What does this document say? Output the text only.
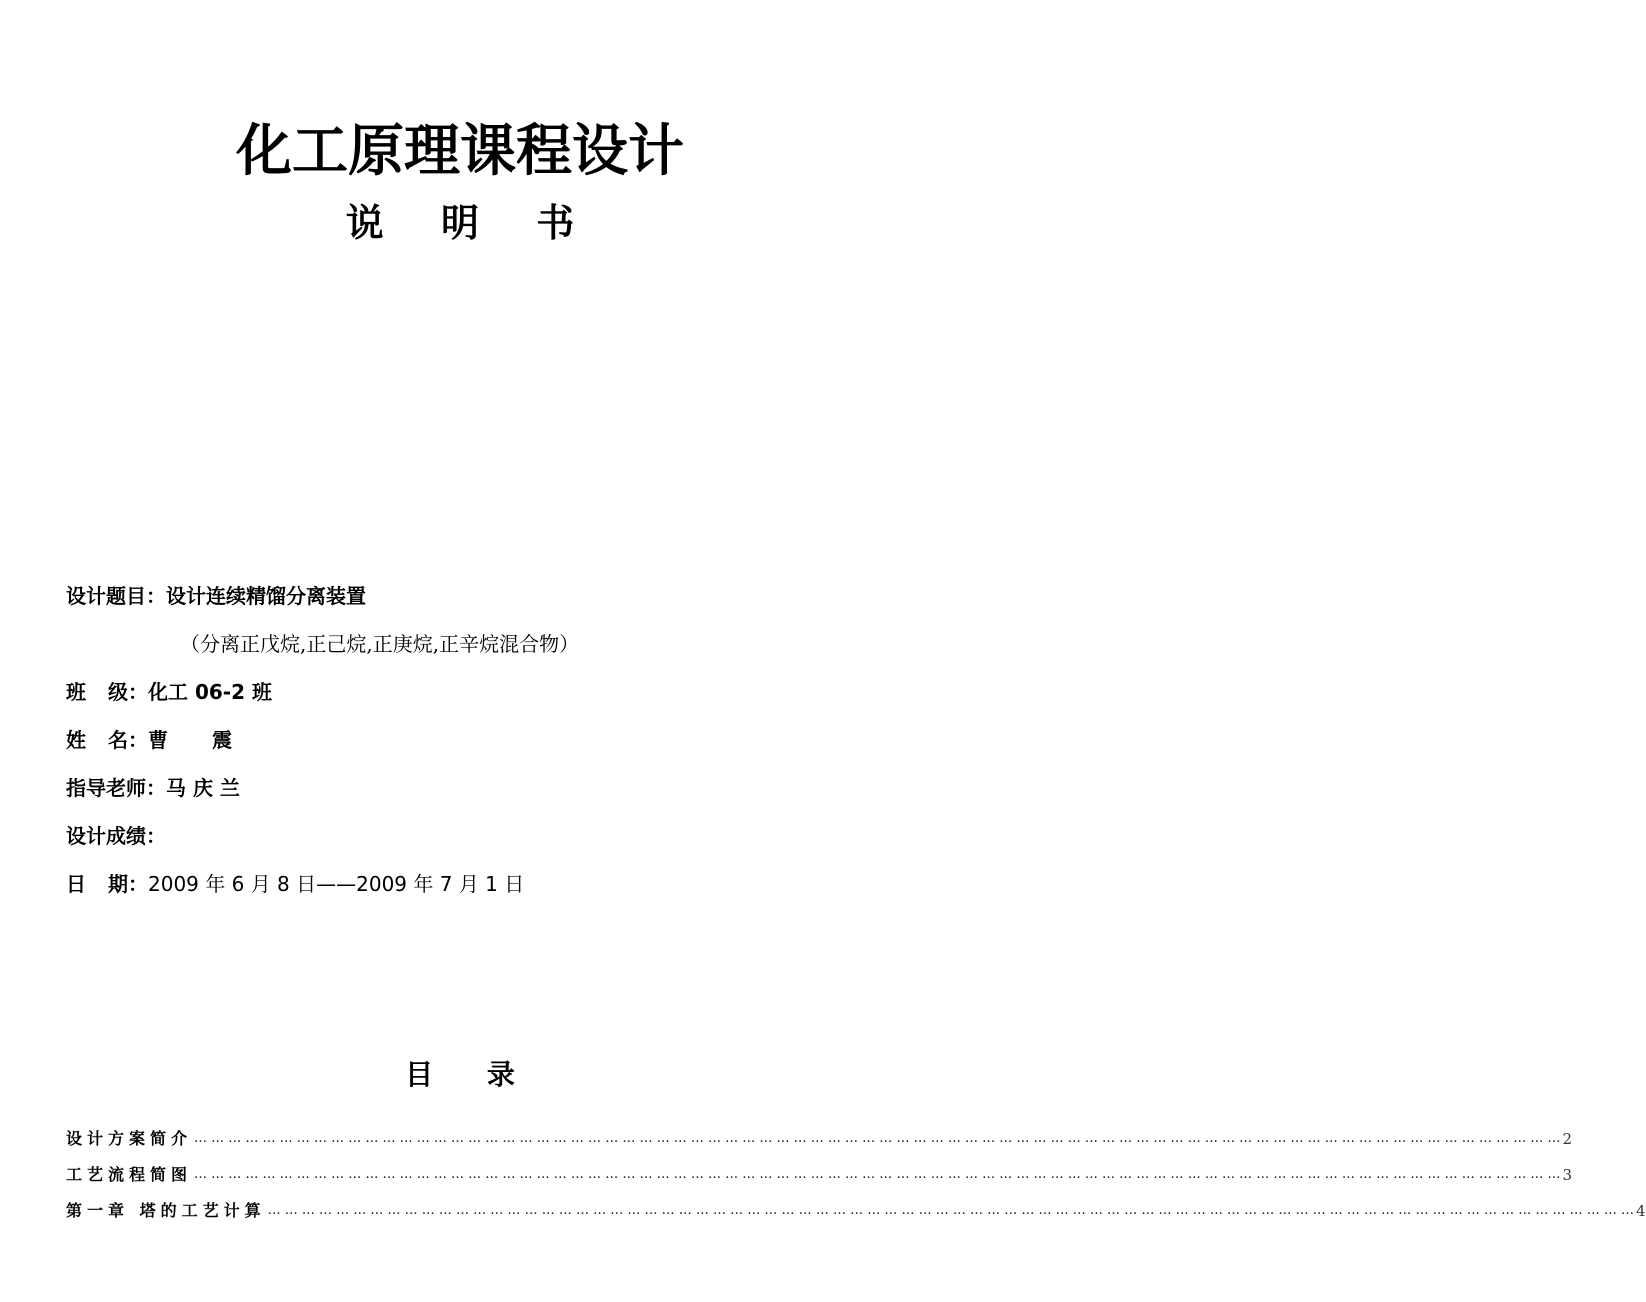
化工原理课程设计
说 明 书
设计题目：设计连续精馏分离装置
（分离正戊烷,正己烷,正庚烷,正辛烷混合物）
班 级：化工 06-2 班
姓 名：曹 震
指导老师：马 庆 兰
设计成绩：
日 期：2009 年 6 月 8 日——2009 年 7 月 1 日
目 录
设计方案简介 … … … … … … … … … … … … … … … … … … … … … … … … … … … … … … … … … … … … … … … … … … … … … … … … … … … … … … … … … … … … … … … … … … … … … … … … … … … … … … … … 2
工艺流程简图 … … … … … … … … … … … … … … … … … … … … … … … … … … … … … … … … … … … … … … … … … … … … … … … … … … … … … … … … … … … … … … … … … … … … … … … … … … … … … … … … 3
第一章 塔的工艺计算 … … … … … … … … … … … … … … … … … … … … … … … … … … … … … … … … … … … … … … … … … … … … … … … … … … … … … … … … … … … … … … … … … … … … … … … … … … … … … … … … 4
